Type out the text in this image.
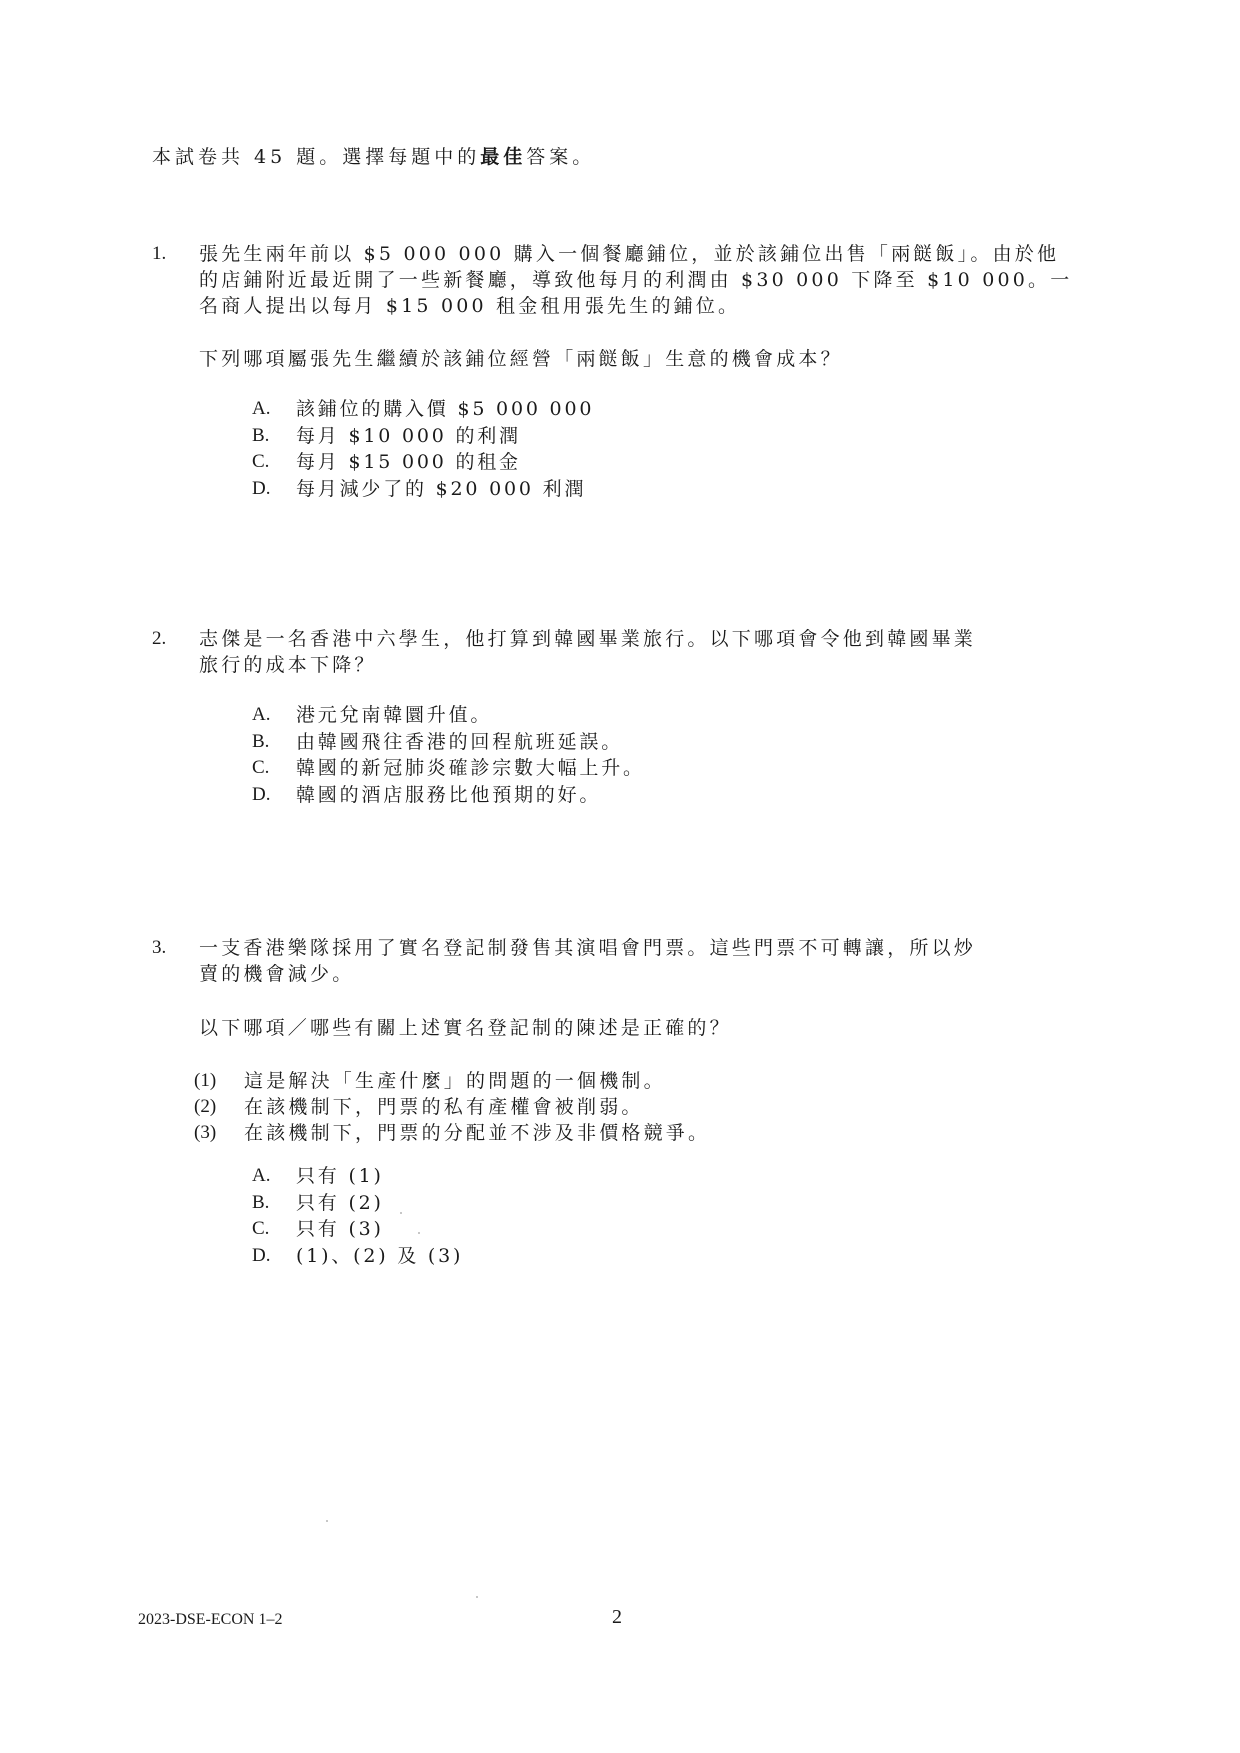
本試卷共 45 題。選擇每題中的最佳答案。
1. 張先生兩年前以 $5 000 000 購入一個餐廳鋪位，並於該鋪位出售「兩餸飯」。由於他
的店鋪附近最近開了一些新餐廳，導致他每月的利潤由 $30 000 下降至 $10 000。一
名商人提出以每月 $15 000 租金租用張先生的鋪位。
下列哪項屬張先生繼續於該鋪位經營「兩餸飯」生意的機會成本？
A.	該鋪位的購入價 $5 000 000
B.	每月 $10 000 的利潤
C.	每月 $15 000 的租金
D.	每月減少了的 $20 000 利潤
2. 志傑是一名香港中六學生，他打算到韓國畢業旅行。以下哪項會令他到韓國畢業
旅行的成本下降？
A.	港元兌南韓圜升值。
B.	由韓國飛往香港的回程航班延誤。
C.	韓國的新冠肺炎確診宗數大幅上升。
D.	韓國的酒店服務比他預期的好。
3. 一支香港樂隊採用了實名登記制發售其演唱會門票。這些門票不可轉讓，所以炒
賣的機會減少。
以下哪項／哪些有關上述實名登記制的陳述是正確的？
(1)	這是解決「生產什麼」的問題的一個機制。
(2)	在該機制下，門票的私有產權會被削弱。
(3)	在該機制下，門票的分配並不涉及非價格競爭。
A.	只有 (1)
B.	只有 (2)
C.	只有 (3)
D.	(1)、(2) 及 (3)
2023-DSE-ECON 1–2	2
